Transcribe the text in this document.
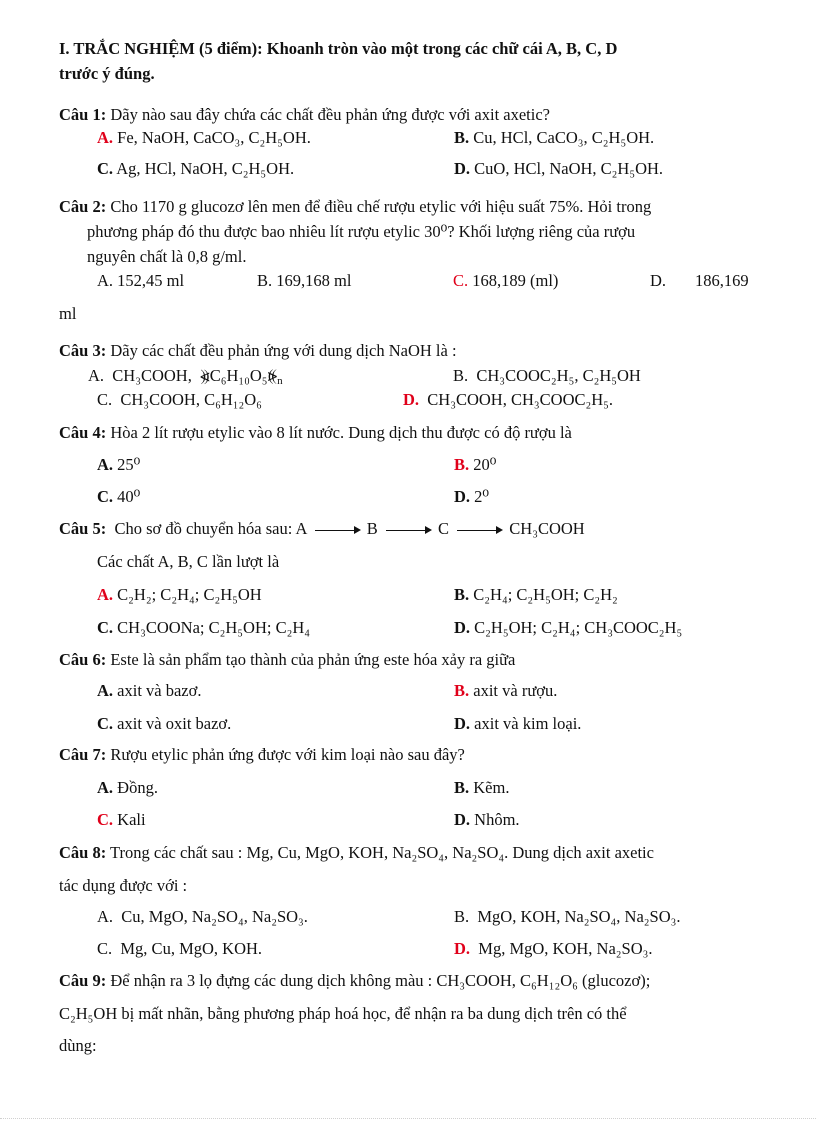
I. TRẮC NGHIỆM (5 điểm): Khoanh tròn vào một trong các chữ cái A, B, C, D
trước ý đúng.
Câu 1: Dãy nào sau đây chứa các chất đều phản ứng được với axit axetic?
A. Fe, NaOH, CaCO₃, C₂H₅OH.	B. Cu, HCl, CaCO₃, C₂H₅OH.
C. Ag, HCl, NaOH, C₂H₅OH.	D. CuO, HCl, NaOH, C₂H₅OH.
Câu 2: Cho 1170 g glucozơ lên men để điều chế rượu etylic với hiệu suất 75%. Hỏi trong
phương pháp đó thu được bao nhiêu lít rượu etylic 30⁰? Khối lượng riêng của rượu
nguyên chất là 0,8 g/ml.
A. 152,45 ml	B. 169,168 ml	C. 168,189 (ml)	D. 186,169
ml
Câu 3: Dãy các chất đều phản ứng với dung dịch NaOH là :
A. CH₃COOH, $⦖C_6H_{10}O_5⦕_n$	B. CH₃COOC₂H₅, C₂H₅OH
C. CH₃COOH, C₆H₁₂O₆	D. CH₃COOH, CH₃COOC₂H₅.
Câu 4: Hòa 2 lít rượu etylic vào 8 lít nước. Dung dịch thu được có độ rượu là
A. 25⁰	B. 20⁰
C. 40⁰	D. 2⁰
Câu 5: Cho sơ đồ chuyển hóa sau: A → B → C → CH₃COOH
Các chất A, B, C lần lượt là
A. C₂H₂; C₂H₄; C₂H₅OH	B. C₂H₄; C₂H₅OH; C₂H₂
C. CH₃COONa; C₂H₅OH; C₂H₄	D. C₂H₅OH; C₂H₄; CH₃COOC₂H₅
Câu 6: Este là sản phẩm tạo thành của phản ứng este hóa xảy ra giữa
A. axit và bazơ.	B. axit và rượu.
C. axit và oxit bazơ.	D. axit và kim loại.
Câu 7: Rượu etylic phản ứng được với kim loại nào sau đây?
A. Đồng.	B. Kẽm.
C. Kali	D. Nhôm.
Câu 8: Trong các chất sau : Mg, Cu, MgO, KOH, Na₂SO₄, Na₂SO₄. Dung dịch axit axetic
tác dụng được với :
A. Cu, MgO, Na₂SO₄, Na₂SO₃.	B. MgO, KOH, Na₂SO₄, Na₂SO₃.
C. Mg, Cu, MgO, KOH.	D. Mg, MgO, KOH, Na₂SO₃.
Câu 9: Để nhận ra 3 lọ đựng các dung dịch không màu : CH₃COOH, C₆H₁₂O₆ (glucozơ);
C₂H₅OH bị mất nhãn, bằng phương pháp hoá học, để nhận ra ba dung dịch trên có thể
dùng:
